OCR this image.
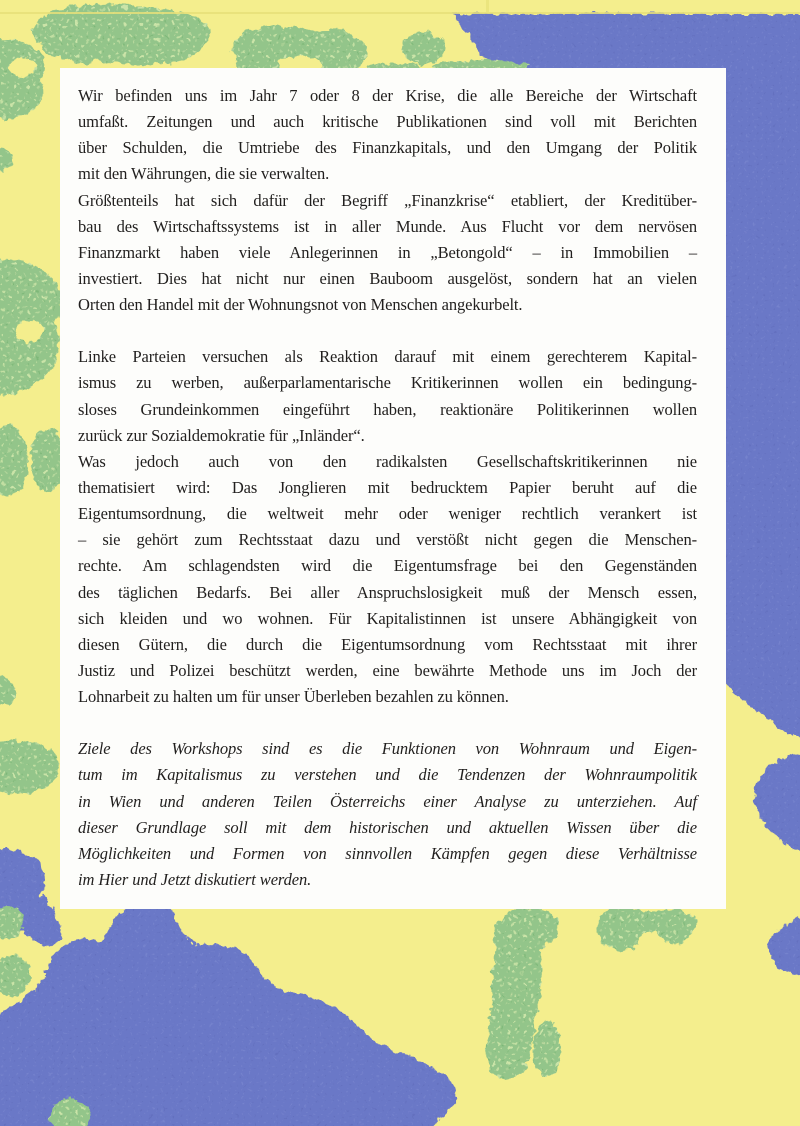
Wir befinden uns im Jahr 7 oder 8 der Krise, die alle Bereiche der Wirtschaft
umfaßt. Zeitungen und auch kritische Publikationen sind voll mit Berichten
über Schulden, die Umtriebe des Finanzkapitals, und den Umgang der Politik
mit den Währungen, die sie verwalten.
Größtenteils hat sich dafür der Begriff „Finanzkrise“ etabliert, der Kreditüber-
bau des Wirtschaftssystems ist in aller Munde. Aus Flucht vor dem nervösen
Finanzmarkt haben viele Anlegerinnen in „Betongold“ – in Immobilien –
investiert. Dies hat nicht nur einen Bauboom ausgelöst, sondern hat an vielen
Orten den Handel mit der Wohnungsnot von Menschen angekurbelt.
Linke Parteien versuchen als Reaktion darauf mit einem gerechterem Kapital-
ismus zu werben, außerparlamentarische Kritikerinnen wollen ein bedingung-
sloses Grundeinkommen eingeführt haben, reaktionäre Politikerinnen wollen
zurück zur Sozialdemokratie für „Inländer“.
Was jedoch auch von den radikalsten Gesellschaftskritikerinnen nie
thematisiert wird: Das Jonglieren mit bedrucktem Papier beruht auf die
Eigentumsordnung, die weltweit mehr oder weniger rechtlich verankert ist
– sie gehört zum Rechtsstaat dazu und verstößt nicht gegen die Menschen-
rechte. Am schlagendsten wird die Eigentumsfrage bei den Gegenständen
des täglichen Bedarfs. Bei aller Anspruchslosigkeit muß der Mensch essen,
sich kleiden und wo wohnen. Für Kapitalistinnen ist unsere Abhängigkeit von
diesen Gütern, die durch die Eigentumsordnung vom Rechtsstaat mit ihrer
Justiz und Polizei beschützt werden, eine bewährte Methode uns im Joch der
Lohnarbeit zu halten um für unser Überleben bezahlen zu können.
Ziele des Workshops sind es die Funktionen von Wohnraum und Eigen-
tum im Kapitalismus zu verstehen und die Tendenzen der Wohnraumpolitik
in Wien und anderen Teilen Österreichs einer Analyse zu unterziehen. Auf
dieser Grundlage soll mit dem historischen und aktuellen Wissen über die
Möglichkeiten und Formen von sinnvollen Kämpfen gegen diese Verhältnisse
im Hier und Jetzt diskutiert werden.
